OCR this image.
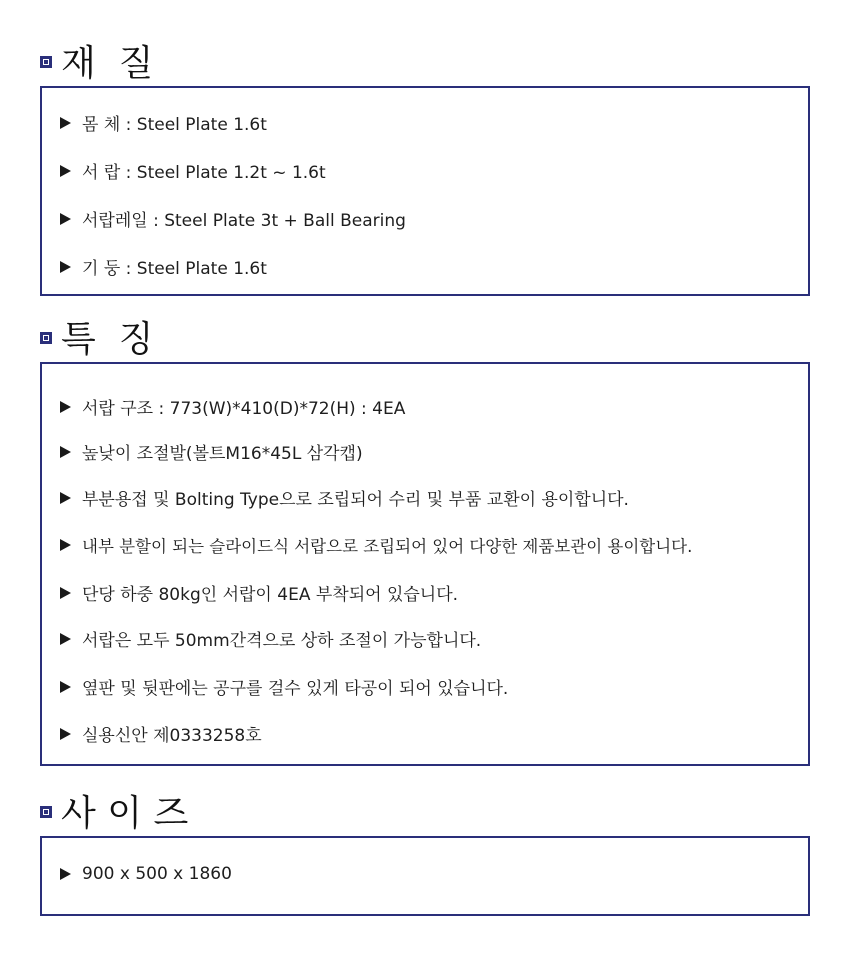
재  질
몸 체 : Steel Plate 1.6t
서 랍 : Steel Plate 1.2t ~ 1.6t
서랍레일 : Steel Plate 3t + Ball Bearing
기 둥 : Steel Plate 1.6t
특  징
서랍 구조 : 773(W)*410(D)*72(H) : 4EA
높낮이 조절발(볼트M16*45L 삼각캡)
부분용접 및 Bolting Type으로 조립되어 수리 및 부품 교환이 용이합니다.
내부 분할이 되는 슬라이드식 서랍으로 조립되어 있어 다양한 제품보관이 용이합니다.
단당 하중 80kg인 서랍이 4EA 부착되어 있습니다.
서랍은 모두 50mm간격으로 상하 조절이 가능합니다.
옆판 및 뒷판에는 공구를 걸수 있게 타공이 되어 있습니다.
실용신안 제0333258호
사 이 즈
900 x 500 x 1860
